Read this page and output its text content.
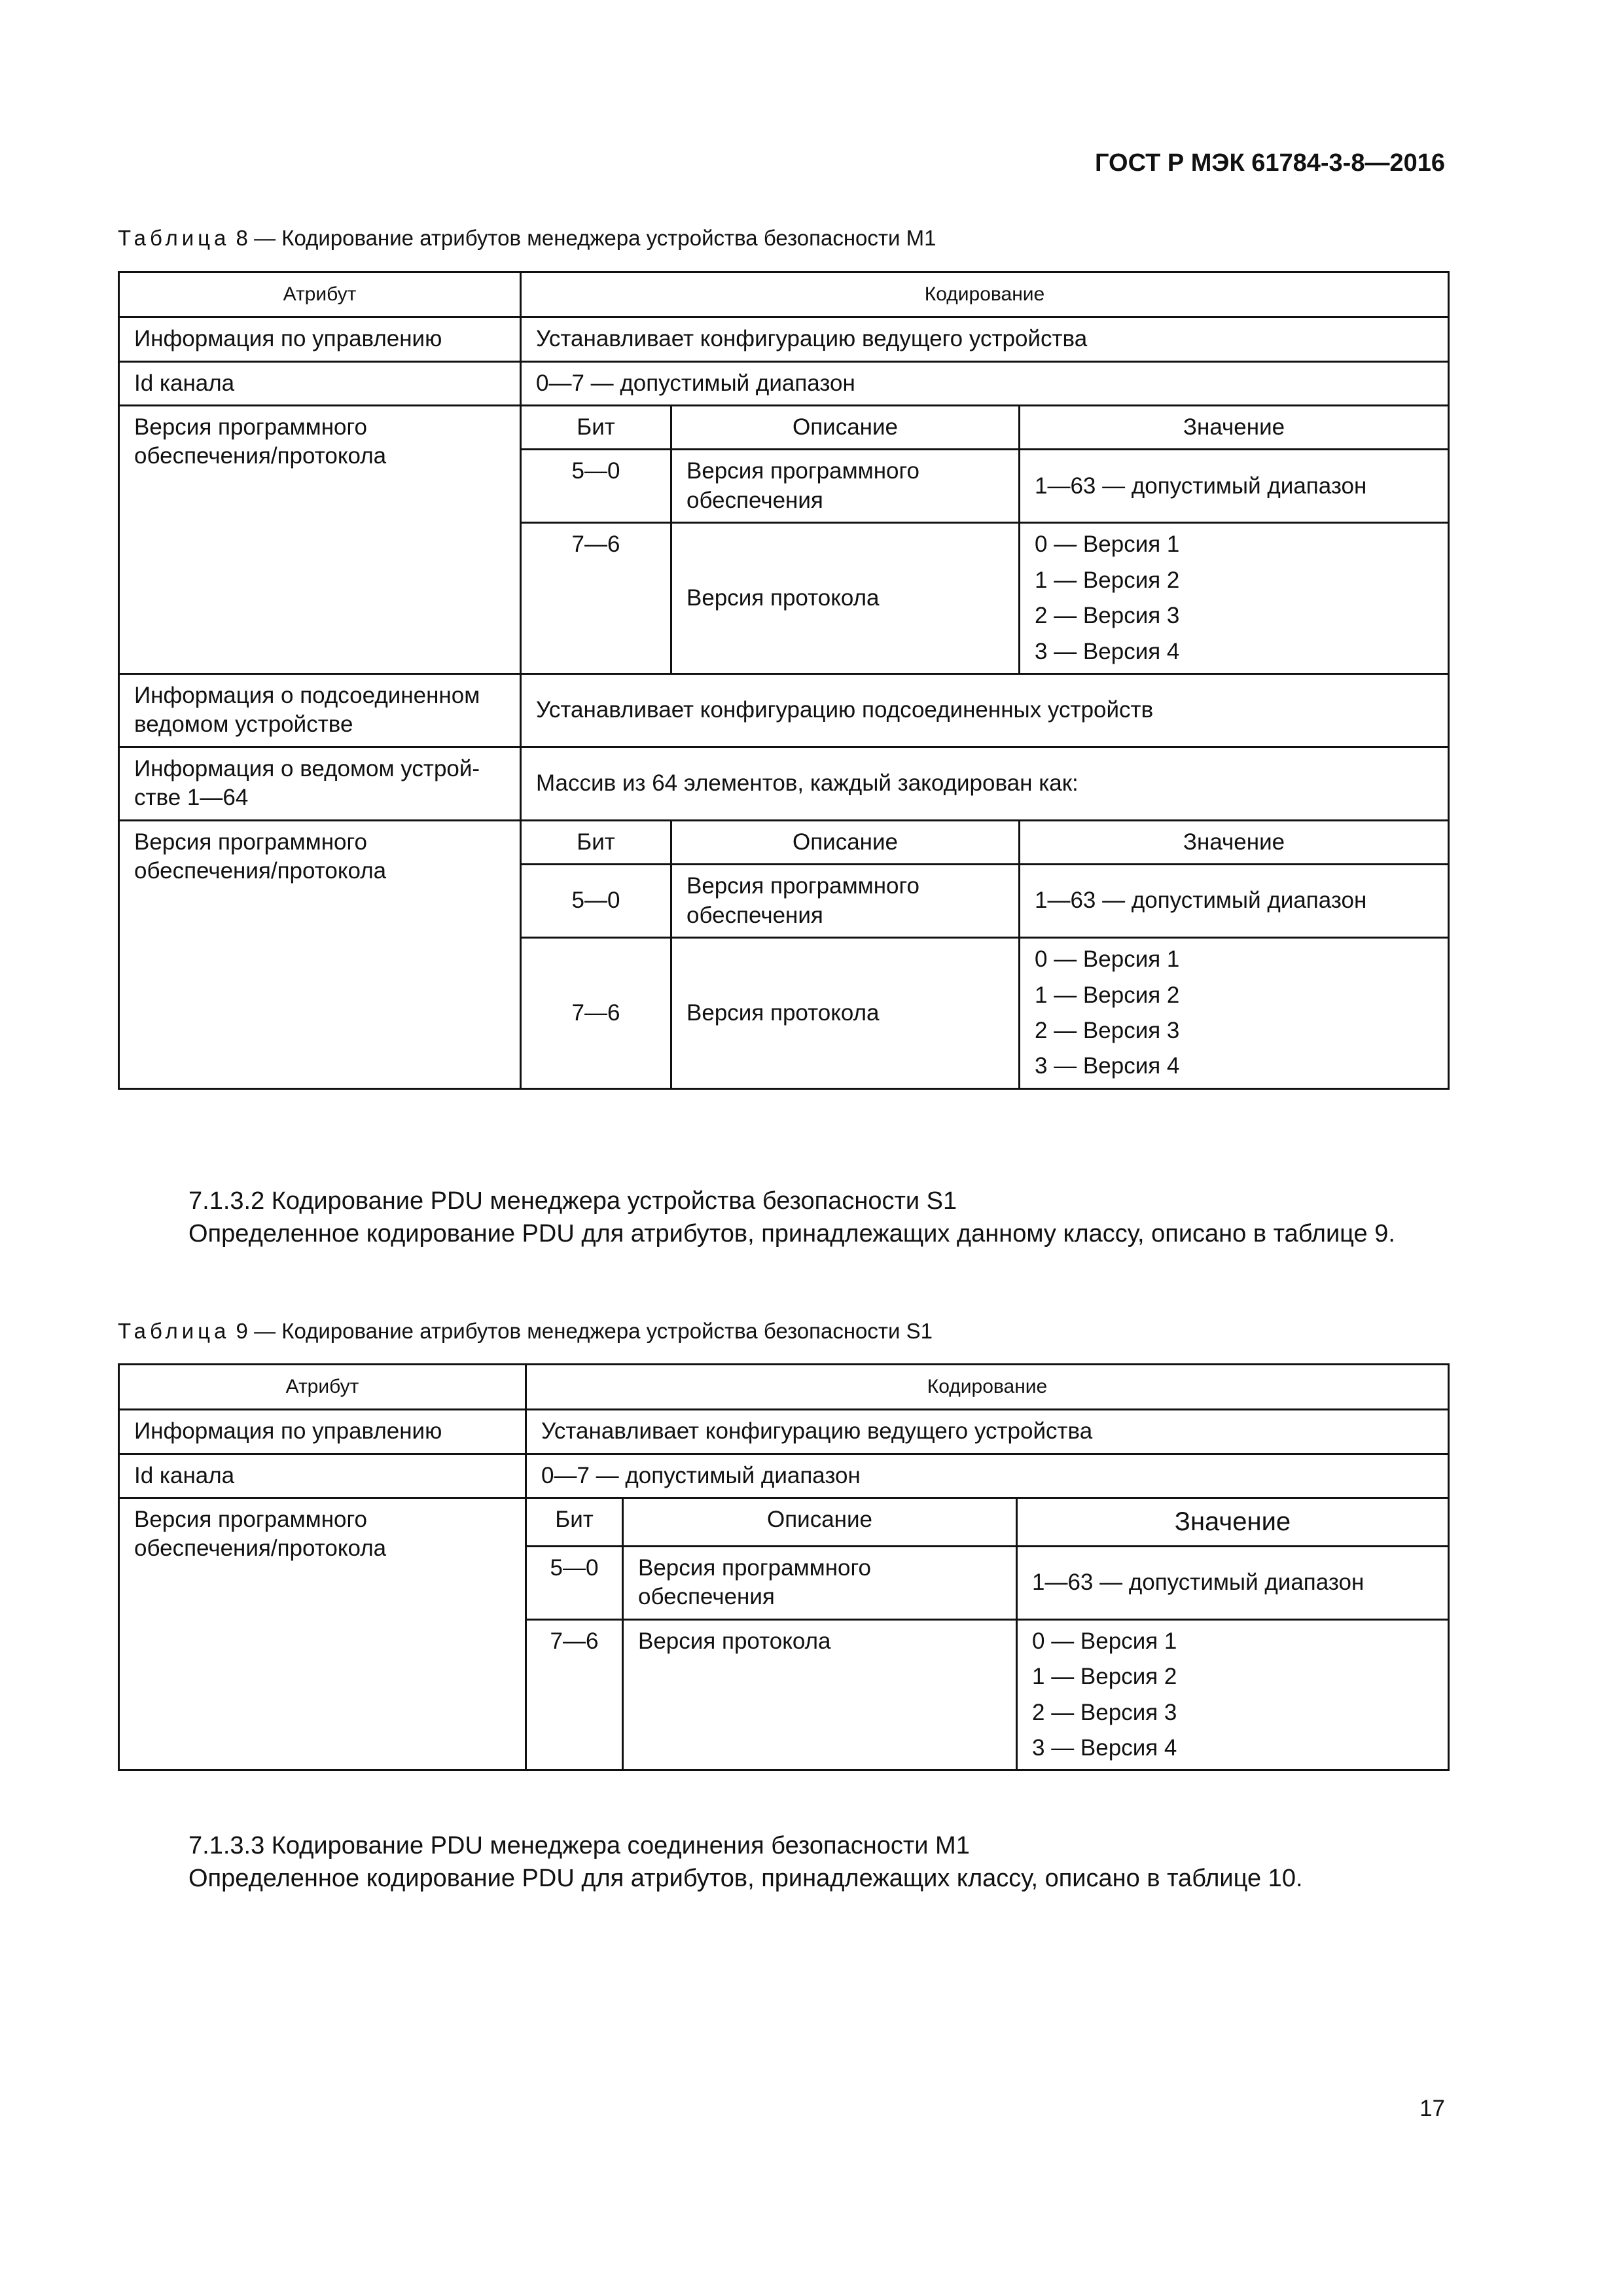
ГОСТ Р МЭК 61784-3-8—2016
Таблица 8 — Кодирование атрибутов менеджера устройства безопасности М1
Атрибут	Кодирование		
Информация по управлению	Устанавливает конфигурацию ведущего устройства		
Id канала	0—7 — допустимый диапазон		
Версия программного обеспечения/протокола	Бит	Описание	Значение
	5—0	Версия программного обеспечения	1—63 — допустимый диапазон
	7—6	Версия протокола	0 — Версия 1
1 — Версия 2
2 — Версия 3
3 — Версия 4

Информация о подсоединенном ведомом устройстве	Устанавливает конфигурацию подсоединенных устройств		
Информация о ведомом устрой-стве 1—64	Массив из 64 элементов, каждый закодирован как:		
Версия программного обеспечения/протокола	Бит	Описание	Значение
	5—0	Версия программного обеспечения	1—63 — допустимый диапазон
	7—6	Версия протокола	0 — Версия 1
1 — Версия 2
2 — Версия 3
3 — Версия 4

7.1.3.2 Кодирование PDU менеджера устройства безопасности S1

Определенное кодирование PDU для атрибутов, принадлежащих данному классу, описано в таблице 9.

Таблица 9 — Кодирование атрибутов менеджера устройства безопасности S1
Атрибут	Кодирование		
Информация по управлению	Устанавливает конфигурацию ведущего устройства		
Id канала	0—7 — допустимый диапазон		
Версия программного обеспечения/протокола	Бит	Описание	Значение
	5—0	Версия программного обеспечения	1—63 — допустимый диапазон
	7—6	Версия протокола	0 — Версия 1
1 — Версия 2
2 — Версия 3
3 — Версия 4

7.1.3.3 Кодирование PDU менеджера соединения безопасности М1

Определенное кодирование PDU для атрибутов, принадлежащих классу, описано в таблице 10.

17
